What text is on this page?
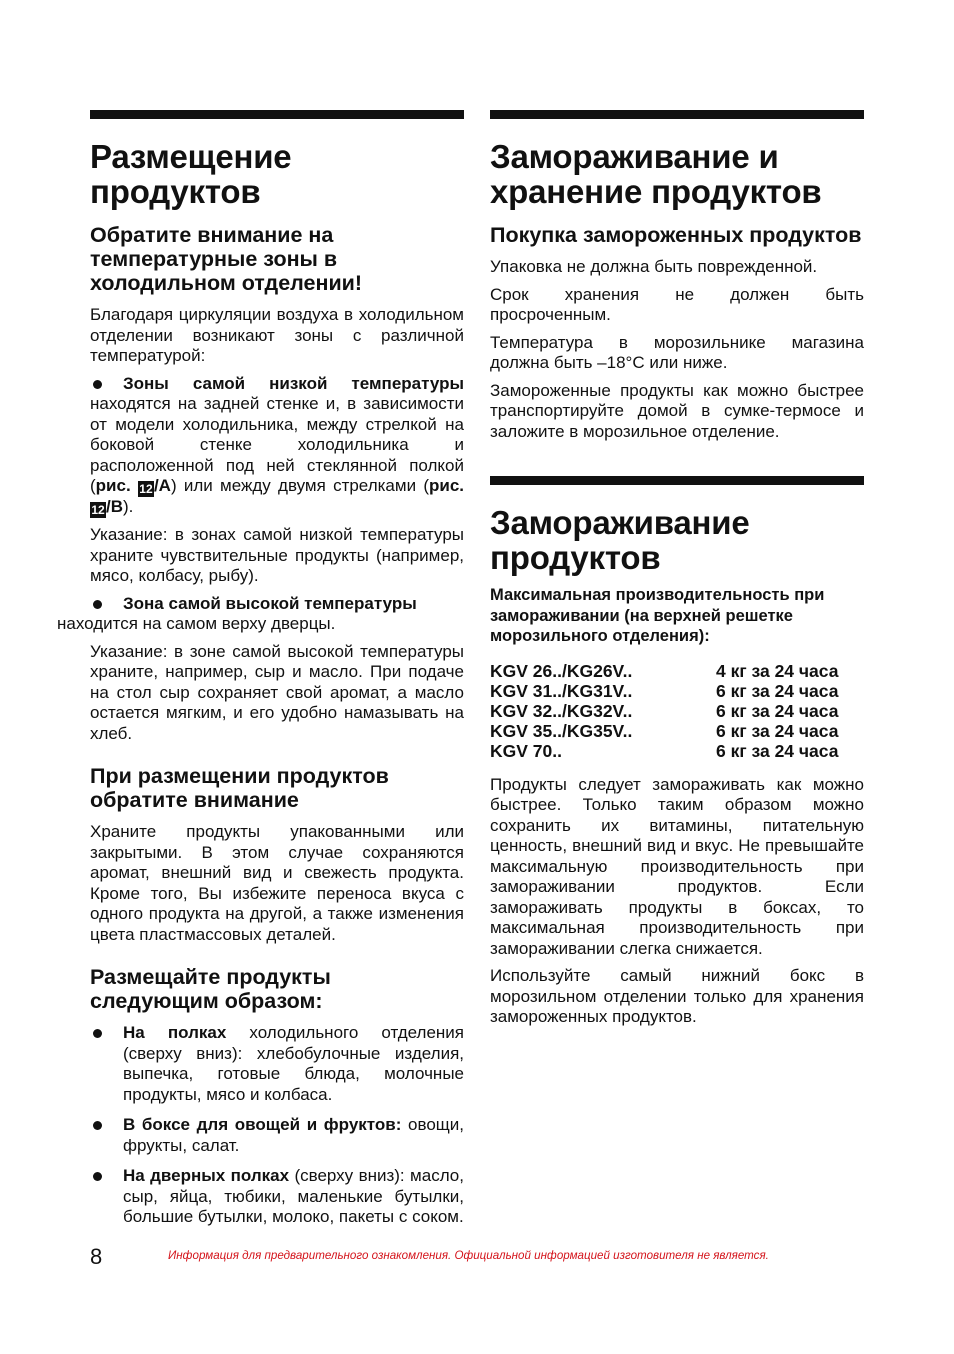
Размещение продуктов
Обратите внимание на температурные зоны в холодильном отделении!

Благодаря циркуляции воздуха в холодильном отделении возникают зоны с различной температурой:

Зоны самой низкой температуры находятся на задней стенке и, в зависимости от модели холодильника, между стрелкой на боковой стенке холодильника и расположенной под ней стеклянной полкой (рис. 12/A) или между двумя стрелками (рис. 12/B).

Указание: в зонах самой низкой температуры храните чувствительные продукты (например, мясо, колбасу, рыбу).

Зона самой высокой температуры
находится на самом верху дверцы.

Указание: в зоне самой высокой температуры храните, например, сыр и масло. При подаче на стол сыр сохраняет свой аромат, а масло остается мягким, и его удобно намазывать на хлеб.

При размещении продуктов обратите внимание

Храните продукты упакованными или закрытыми. В этом случае сохраняются аромат, внешний вид и свежесть продукта. Кроме того, Вы избежите переноса вкуса с одного продукта на другой, а также изменения цвета пластмассовых деталей.

Размещайте продукты следующим образом:

На полках холодильного отделения (сверху вниз): хлебобулочные изделия, выпечка, готовые блюда, молочные продукты, мясо и колбаса.

В боксе для овощей и фруктов: овощи, фрукты, салат.

На дверных полках (сверху вниз): масло, сыр, яйца, тюбики, маленькие бутылки, большие бутылки, молоко, пакеты с соком.

Замораживание и хранение продуктов
Покупка замороженных продуктов

Упаковка не должна быть поврежденной.

Срок хранения не должен быть просроченным.

Температура в морозильнике магазина должна быть –18°C или ниже.

Замороженные продукты как можно быстрее транспортируйте домой в сумке-термосе и заложите в морозильное отделение.

Замораживание продуктов
Максимальная производительность при замораживании (на верхней решетке морозильного отделения):
KGV 26../KG26V..	4 кг за 24 часа
KGV 31../KG31V..	6 кг за 24 часа
KGV 32../KG32V..	6 кг за 24 часа
KGV 35../KG35V..	6 кг за 24 часа
KGV 70..	6 кг за 24 часа

Продукты следует замораживать как можно быстрее. Только таким образом можно сохранить их витамины, питательную ценность, внешний вид и вкус. Не превышайте максимальную производительность при замораживании продуктов. Если замораживать продукты в боксах, то максимальная производительность при замораживании слегка снижается.

Используйте самый нижний бокс в морозильном отделении только для хранения замороженных продуктов.

8	Информация для предварительного ознакомления. Официальной информацией изготовителя не является.
